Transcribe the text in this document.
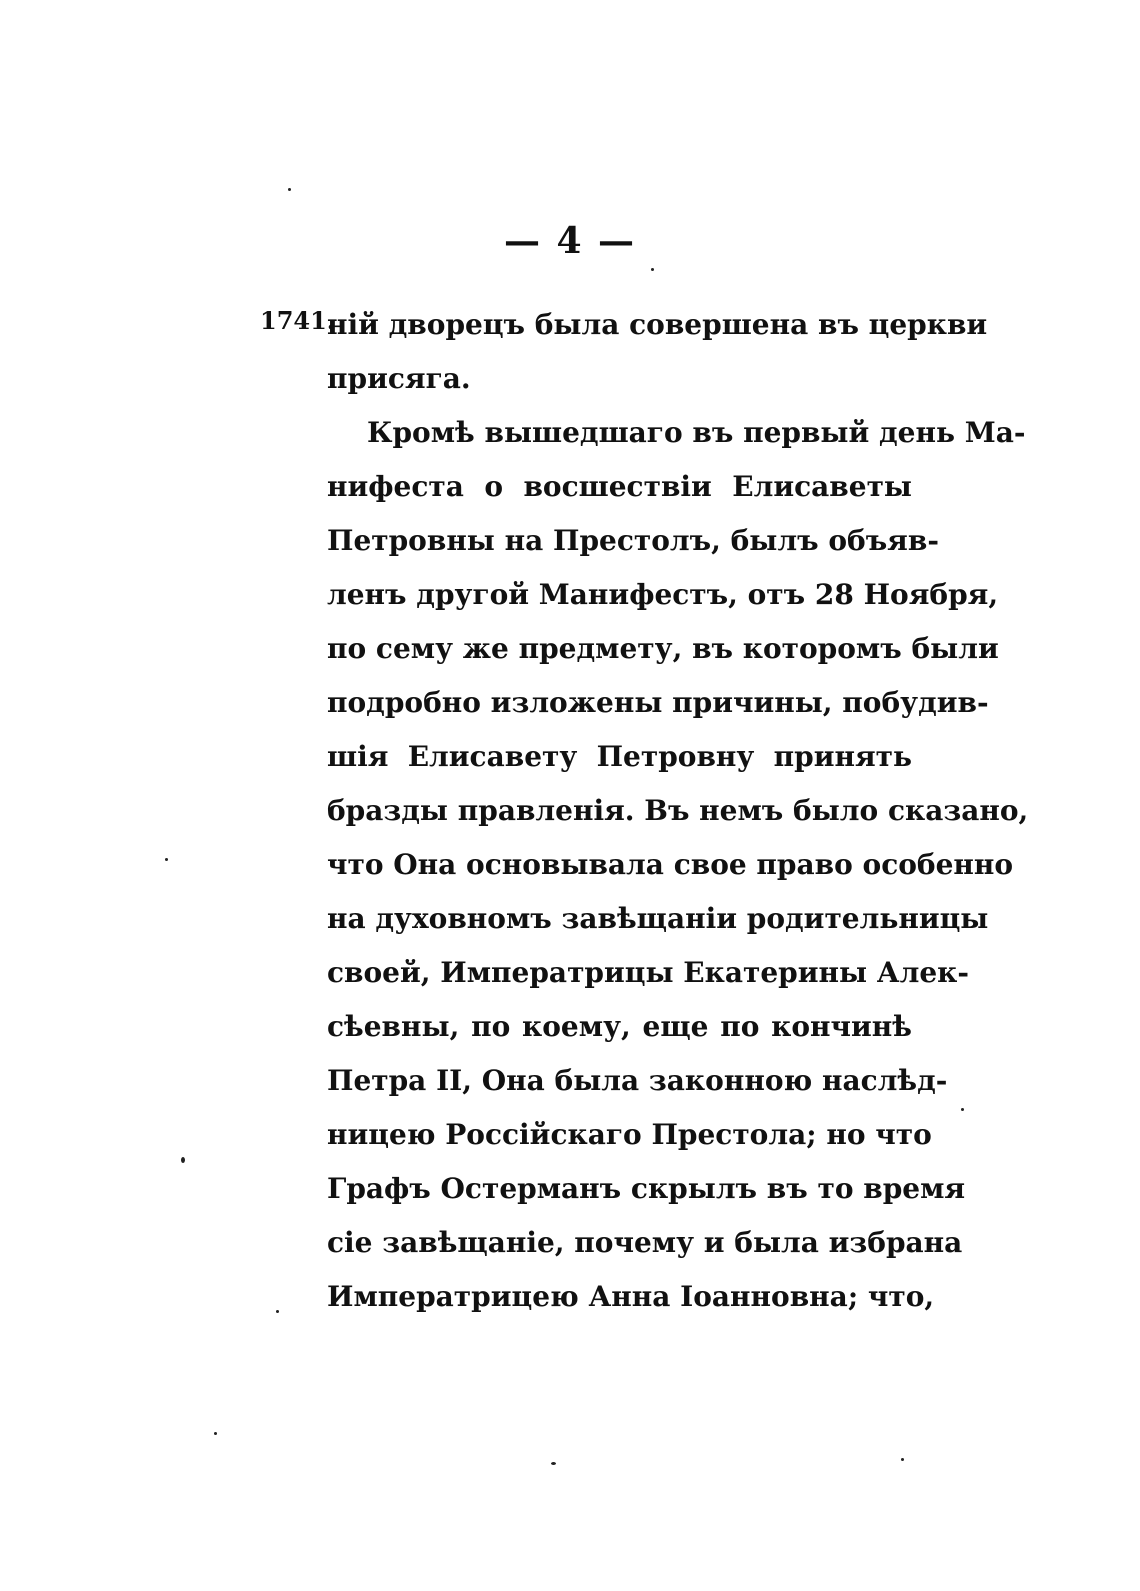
— 4 —
1741.
ній дворецъ была совершена въ церкви
присяга.
Кромѣ вышедшаго въ первый день Ма-
нифеста о восшествіи Елисаветы
Петровны на Престолъ, былъ объяв-
ленъ другой Манифестъ, отъ 28 Ноября,
по сему же предмету, въ которомъ были
подробно изложены причины, побудив-
шія Елисавету Петровну принять
бразды правленія. Въ немъ было сказано,
что Она основывала свое право особенно
на духовномъ завѣщаніи родительницы
своей, Императрицы Екатерины Алек-
сѣевны, по коему, еще по кончинѣ
Петра II, Она была законною наслѣд-
ницею Россійскаго Престола; но что
Графъ Остерманъ скрылъ въ то время
сіе завѣщаніе, почему и была избрана
Императрицею Анна Іоанновна; что,
